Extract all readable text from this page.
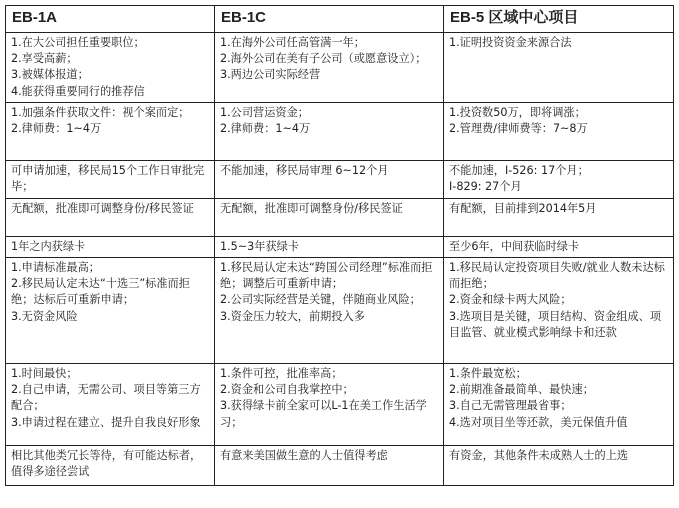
EB-1A	EB-1C	EB-5 区域中心项目

1.在大公司担任重要职位；
2.享受高薪；
3.被媒体报道；
4.能获得重要同行的推荐信	1.在海外公司任高管满一年；
2.海外公司在美有子公司（或愿意设立）；
3.两边公司实际经营	1.证明投资资金来源合法

1.加强条件获取文件：视个案而定；
2.律师费：1~4万	1.公司营运资金；
2.律师费：1~4万	1.投资数50万，即将调涨；
2.管理费/律师费等：7~8万

可申请加速，移民局15个工作日审批完毕；	不能加速，移民局审理 6~12个月	不能加速，I-526: 17个月；
I-829: 27个月

无配额，批准即可调整身份/移民签证	无配额，批准即可调整身份/移民签证	有配额，目前排到2014年5月

1年之内获绿卡	1.5~3年获绿卡	至少6年，中间获临时绿卡

1.申请标准最高；
2.移民局认定未达“十选三”标准而拒绝；达标后可重新申请；
3.无资金风险	1.移民局认定未达“跨国公司经理”标准而拒绝；调整后可重新申请；
2.公司实际经营是关键，伴随商业风险；
3.资金压力较大，前期投入多	1.移民局认定投资项目失败/就业人数未达标而拒绝；
2.资金和绿卡两大风险；
3.选项目是关键，项目结构、资金组成、项目监管、就业模式影响绿卡和还款

1.时间最快；
2.自己申请，无需公司、项目等第三方配合；
3.申请过程在建立、提升自我良好形象	1.条件可控，批准率高；
2.资金和公司自我掌控中；
3.获得绿卡前全家可以L-1在美工作生活学习；	1.条件最宽松；
2.前期准备最简单、最快速；
3.自己无需管理最省事；
4.选对项目坐等还款，美元保值升值

相比其他类冗长等待，有可能达标者，值得多途径尝试	有意来美国做生意的人士值得考虑	有资金，其他条件未成熟人士的上选
